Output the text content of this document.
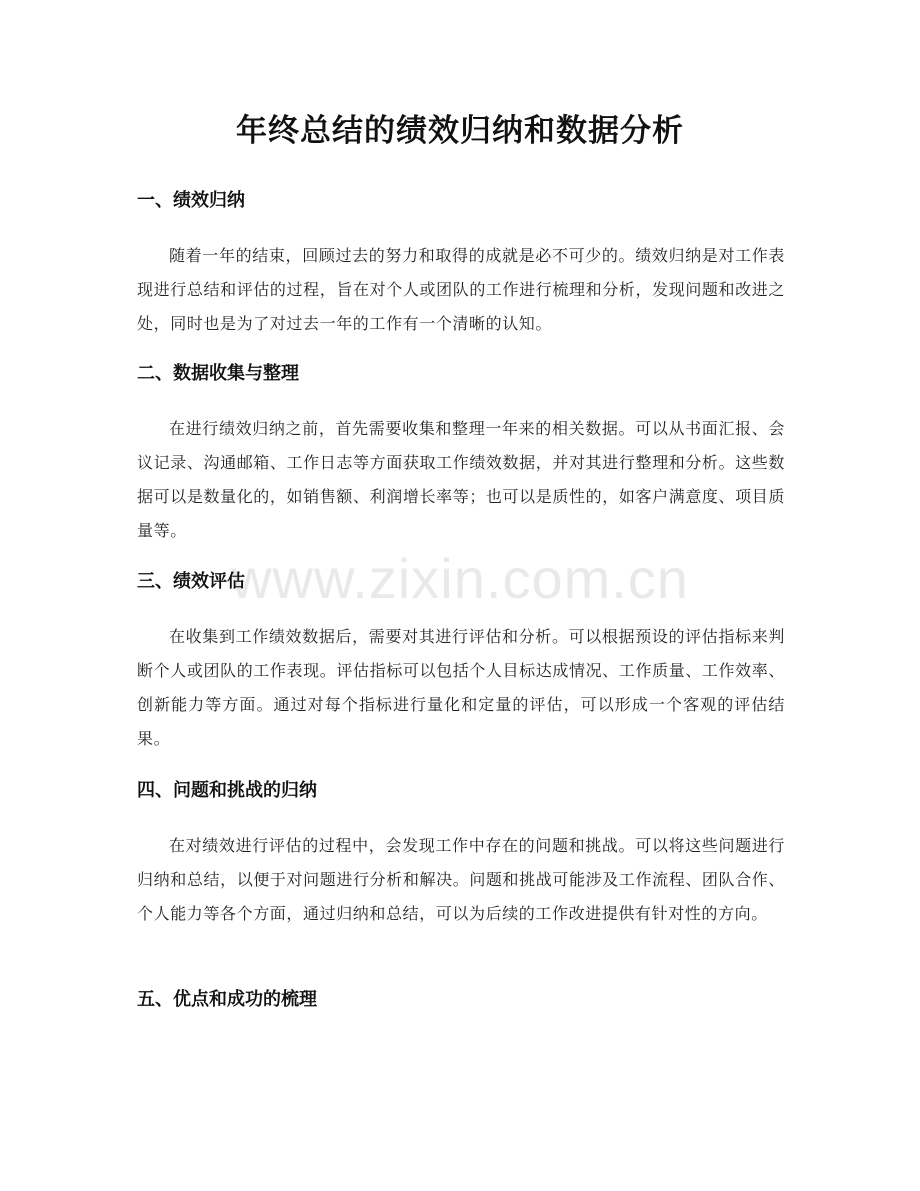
年终总结的绩效归纳和数据分析
一、绩效归纳

随着一年的结束，回顾过去的努力和取得的成就是必不可少的。绩效归纳是对工作表现进行总结和评估的过程，旨在对个人或团队的工作进行梳理和分析，发现问题和改进之处，同时也是为了对过去一年的工作有一个清晰的认知。

二、数据收集与整理

在进行绩效归纳之前，首先需要收集和整理一年来的相关数据。可以从书面汇报、会议记录、沟通邮箱、工作日志等方面获取工作绩效数据，并对其进行整理和分析。这些数据可以是数量化的，如销售额、利润增长率等；也可以是质性的，如客户满意度、项目质量等。

三、绩效评估

在收集到工作绩效数据后，需要对其进行评估和分析。可以根据预设的评估指标来判断个人或团队的工作表现。评估指标可以包括个人目标达成情况、工作质量、工作效率、创新能力等方面。通过对每个指标进行量化和定量的评估，可以形成一个客观的评估结果。

四、问题和挑战的归纳

在对绩效进行评估的过程中，会发现工作中存在的问题和挑战。可以将这些问题进行归纳和总结，以便于对问题进行分析和解决。问题和挑战可能涉及工作流程、团队合作、个人能力等各个方面，通过归纳和总结，可以为后续的工作改进提供有针对性的方向。

五、优点和成功的梳理
www.zixin.com.cn
